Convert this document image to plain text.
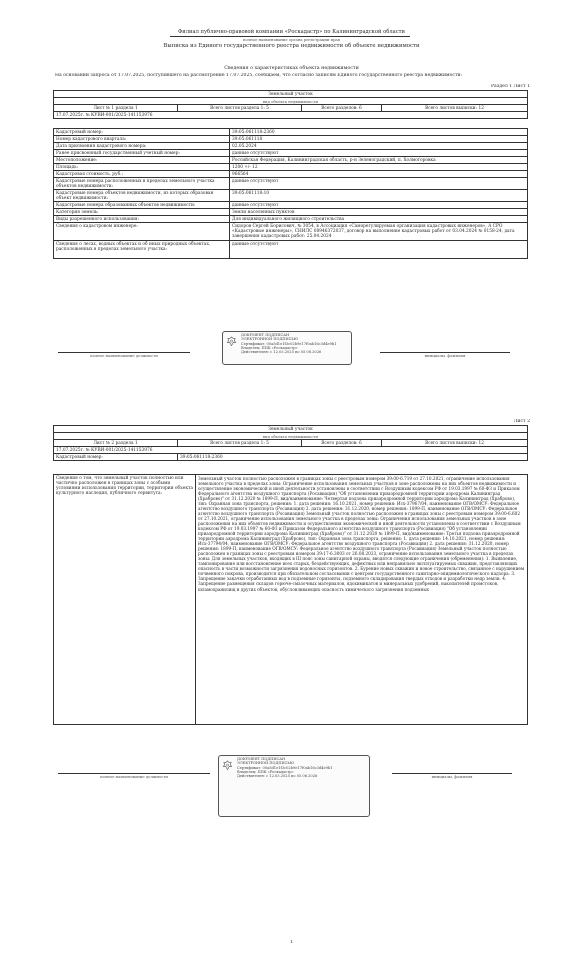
Филиал публично-правовой компании «Роскадастр» по Калининградской области
полное наименование органа регистрации прав
Выписка из Единого государственного реестра недвижимости об объекте недвижимости
Сведения о характеристиках объекта недвижимости
На основании запроса от 17.07.2025, поступившего на рассмотрение 17.07.2025, сообщаем, что согласно записям Единого государственного реестра недвижимости:
Раздел 1 Лист 1
Земельный участок
вид объекта недвижимости
Лист № 1 раздела 1	Всего листов раздела 1: 5	Всего разделов: 6	Всего листов выписки: 12
17.07.2025г. № КУВИ-001/2025-141153976
Кадастровый номер:	39:05:061118:2360
Номер кадастрового квартала:	39:05:061118
Дата присвоения кадастрового номера:	02.05.2024
Ранее присвоенный государственный учетный номер:	данные отсутствуют
Местоположение:	Российская Федерация, Калининградская область, р-н Зеленоградский, п. Холмогоровка
Площадь:	1200 +/- 12
Кадастровая стоимость, руб.:	966564
Кадастровые номера расположенных в пределах земельного участка объектов недвижимости:	данные отсутствуют
Кадастровые номера объектов недвижимости, из которых образован объект недвижимости:	39:05:061118:10
Кадастровые номера образованных объектов недвижимости:	данные отсутствуют
Категория земель:	Земли населенных пунктов
Виды разрешенного использования:	Для индивидуального жилищного строительства
Сведения о кадастровом инженере:	Сидоров Сергей Борисович, № 3054, в Ассоциация «Саморегулируемая организация кадастровых инженеров», А СРО «Кадастровые инженеры», СНИЛС 08946372037, договор на выполнение кадастровых работ от 03.04.2024 № 0158-24, дата завершения кадастровых работ: 25.04.2024
Сведения о лесах, водных объектах и об иных природных объектах, расположенных в пределах земельного участка:	данные отсутствуют
полное наименование должности
ДОКУМЕНТ ПОДПИСАН
ЭЛЕКТРОННОЙ ПОДПИСЬЮ
Сертификат: 00a5d1e1f3c02b9e17f0ab16c3d4e9b1
Владелец: ППК «Роскадастр»
Действителен: с 12.03.2025 по 05.06.2026
инициалы, фамилия
Лист 2
Земельный участок			
вид объекта недвижимости			
Лист № 2 раздела 1	Всего листов раздела 1: 5	Всего разделов: 6	Всего листов выписки: 12
17.07.2025г. № КУВИ-001/2025-141153976			
Кадастровый номер:	39:05:061118:2360		
Сведения о том, что земельный участок полностью или частично расположен в границах зоны с особыми условиями использования территории, территории объекта культурного наследия, публичного сервитута:	Земельный участок полностью расположен в границах зоны с реестровым номером 39:00-6.719 от 27.10.2021, ограничение использования земельного участка в пределах зоны: Ограничение использования земельных участков в зоне расположены на них объектов недвижимости и осуществление экономической и иной деятельности установлены в соответствии с Воздушным кодексом РФ от 19.03.1997 № 60-ФЗ и Приказом Федерального агентства воздушного транспорта (Росавиация) "Об установлении приаэродромной территории аэродрома Калининград (Храброво)" от 31.12.2020 № 1899-П, вид/наименование: Четвертая подзона приаэродромной территории аэродрома Калининград (Храброво), тип: Охранная зона транспорта, решения: 1. дата решения: 16.10.2021, номер решения: Исх-37967/04, наименование ОГВ/ОМСУ: Федеральное агентство воздушного транспорта (Росавиация) 2. дата решения: 31.12.2020, номер решения: 1899-П, наименование ОГВ/ОМСУ: Федеральное агентство воздушного транспорта (Росавиация) Земельный участок полностью расположен в границах зоны с реестровым номером 39:00-6.602 от 27.10.2021, ограничение использования земельного участка в пределах зоны: Ограничения использования земельных участков в зоне расположения на них объектов недвижимости и осуществления экономической и иной деятельности установлены в соответствии с Воздушным кодексом РФ от 19.03.1997 № 60-ФЗ и Приказом Федерального агентства воздушного транспорта (Росавиация) "Об установлении приаэродромной территории аэродрома Калининград (Храброво)" от 31.12.2020 № 1899-П, вид/наименование: Третья подзона приаэродромной территории аэродрома Калининград (Храброво), тип: Охранная зона транспорта, решения: 1. дата решения: 14.10.2021, номер решения: Исх-37794/04, наименование ОГВ/ОМСУ: Федеральное агентство воздушного транспорта (Росавиация) 2. дата решения: 31.12.2020, номер решения: 1899-П, наименование ОГВ/ОМСУ: Федеральное агентство воздушного транспорта (Росавиация) Земельный участок полностью расположен в границах зоны с реестровым номером 39:17-6.3003 от 26.08.2023, ограничение использования земельного участка в пределах зоны: Для земельных участков, входящих в III пояс зоны санитарной охраны, вводятся следующие ограничения (обременения): 1. Выявление, тампонирование или восстановление всех старых, бездействующих, дефектных или неправильно эксплуатируемых скважин, представляющих опасность в части возможности загрязнения водоносных горизонтов. 2. Бурение новых скважин и новое строительство, связанное с нарушением почвенного покрова, производится при обязательном согласовании с центром государственного санитарно-эпидемиологического надзора. 3. Запрещение закачки отработанных вод в подземные горизонты, подземного складирования твердых отходов и разработки недр земли. 4. Запрещение размещения складов горюче-смазочных материалов, ядохимикатов и минеральных удобрений, накопителей промстоков, шламохранилищ и других объектов, обусловливающих опасность химического загрязнения подземных
полное наименование должности
ДОКУМЕНТ ПОДПИСАН
ЭЛЕКТРОННОЙ ПОДПИСЬЮ
Сертификат: 00a5d1e1f3c02b9e17f0ab16c3d4e9b1
Владелец: ППК «Роскадастр»
Действителен: с 12.03.2025 по 05.06.2026	инициалы, фамилия
1
